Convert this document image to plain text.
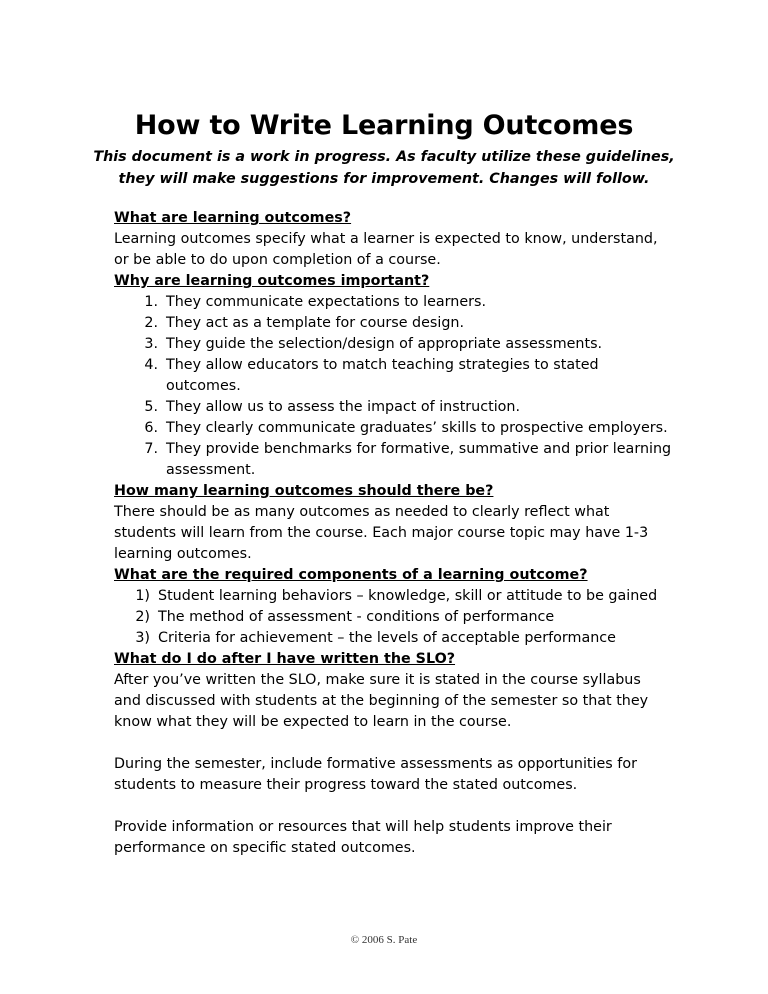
How to Write Learning Outcomes
This document is a work in progress. As faculty utilize these guidelines,
they will make suggestions for improvement. Changes will follow.
What are learning outcomes?
Learning outcomes specify what a learner is expected to know, understand,
or be able to do upon completion of a course.
Why are learning outcomes important?
1. They communicate expectations to learners.
2. They act as a template for course design.
3. They guide the selection/design of appropriate assessments.
4. They allow educators to match teaching strategies to stated outcomes.
5. They allow us to assess the impact of instruction.
6. They clearly communicate graduates’ skills to prospective employers.
7. They provide benchmarks for formative, summative and prior learning assessment.
How many learning outcomes should there be?
There should be as many outcomes as needed to clearly reflect what
students will learn from the course. Each major course topic may have 1-3
learning outcomes.
What are the required components of a learning outcome?
1) Student learning behaviors – knowledge, skill or attitude to be gained
2) The method of assessment - conditions of performance
3) Criteria for achievement – the levels of acceptable performance
What do I do after I have written the SLO?
After you’ve written the SLO, make sure it is stated in the course syllabus
and discussed with students at the beginning of the semester so that they
know what they will be expected to learn in the course.
During the semester, include formative assessments as opportunities for
students to measure their progress toward the stated outcomes.
Provide information or resources that will help students improve their
performance on specific stated outcomes.
© 2006 S. Pate
